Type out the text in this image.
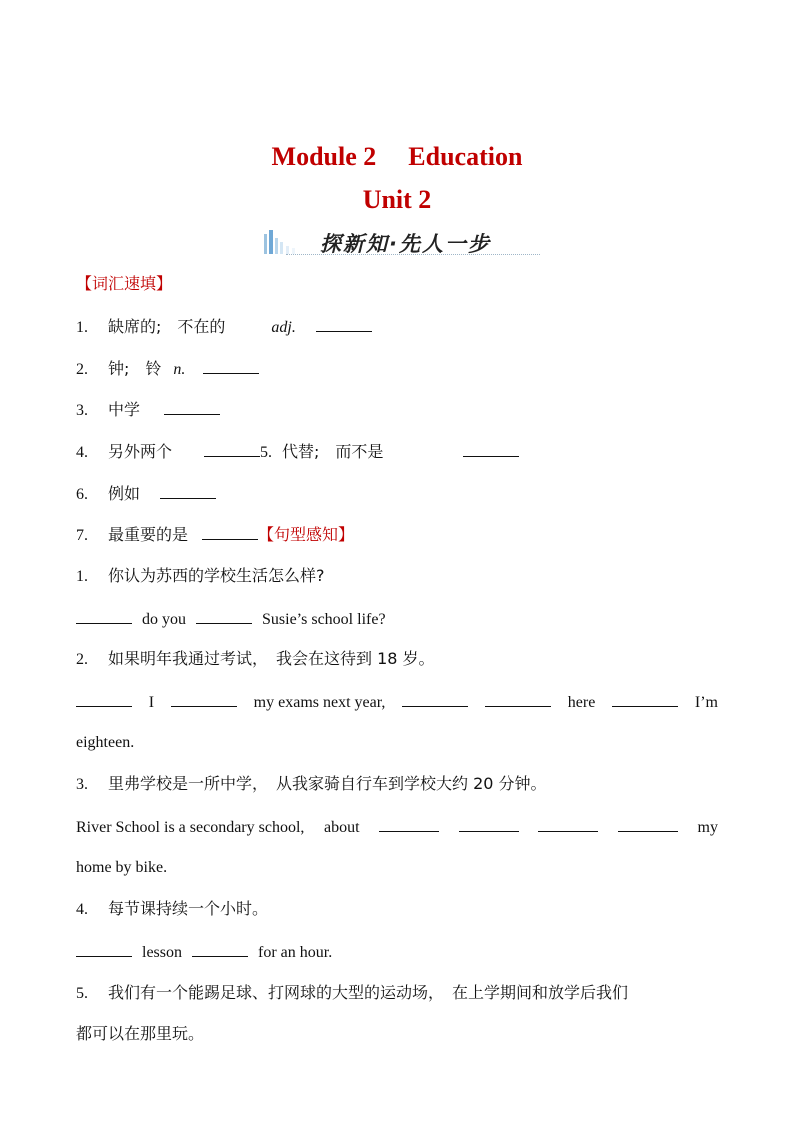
Module 2 Education
Unit 2
探新知·先人一步
【词汇速填】
1. 缺席的;　不在的	adj.
2. 钟;　铃 n.
3. 中学
4. 另外两个	5. 代替;　而不是
6. 例如
7. 最重要的是	【句型感知】
1. 你认为苏西的学校生活怎么样?
do you	Susie’s school life?
2. 如果明年我通过考试，　我会在这待到 18 岁。
I	my exams next year,	here	I’m
eighteen.
3. 里弗学校是一所中学，　从我家骑自行车到学校大约 20 分钟。
River School is a secondary school, about	my
home by bike.
4. 每节课持续一个小时。
lesson	for an hour.
5. 我们有一个能踢足球、打网球的大型的运动场，　在上学期间和放学后我们
都可以在那里玩。
